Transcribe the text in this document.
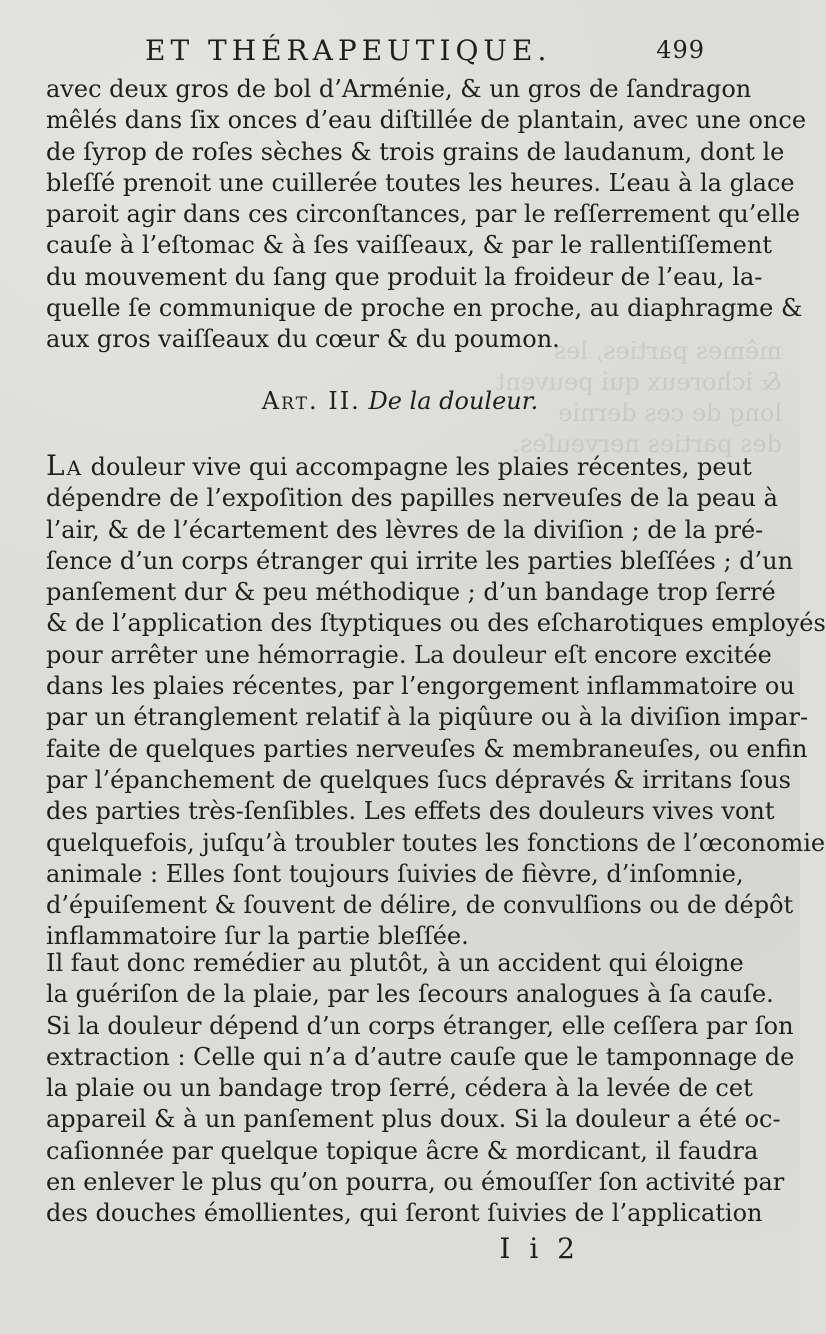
mêmes parties, les
& ichoreux qui peuvent
long de ces dernie
des parties nerveuſes.
ET THÉRAPEUTIQUE.	499
avec deux gros de bol d’Arménie, & un gros de ſandragon
mêlés dans ſix onces d’eau diſtillée de plantain, avec une once
de ſyrop de roſes sèches & trois grains de laudanum, dont le
bleſſé prenoit une cuillerée toutes les heures. L’eau à la glace
paroit agir dans ces circonſtances, par le reſſerrement qu’elle
cauſe à l’eſtomac & à ſes vaiſſeaux, & par le rallentiſſement
du mouvement du ſang que produit la froideur de l’eau, la-
quelle ſe communique de proche en proche, au diaphragme &
aux gros vaiſſeaux du cœur & du poumon.
Art. II. De la douleur.
La douleur vive qui accompagne les plaies récentes, peut
dépendre de l’expoſition des papilles nerveuſes de la peau à
l’air, & de l’écartement des lèvres de la diviſion ; de la pré-
ſence d’un corps étranger qui irrite les parties bleſſées ; d’un
panſement dur & peu méthodique ; d’un bandage trop ſerré
& de l’application des ſtyptiques ou des eſcharotiques employés
pour arrêter une hémorragie. La douleur eſt encore excitée
dans les plaies récentes, par l’engorgement inflammatoire ou
par un étranglement relatif à la piqûure ou à la diviſion impar-
faite de quelques parties nerveuſes & membraneuſes, ou enfin
par l’épanchement de quelques ſucs dépravés & irritans ſous
des parties très-ſenſibles. Les effets des douleurs vives vont
quelquefois, juſqu’à troubler toutes les fonctions de l’œconomie
animale : Elles ſont toujours ſuivies de fièvre, d’inſomnie,
d’épuiſement & ſouvent de délire, de convulſions ou de dépôt
inflammatoire ſur la partie bleſſée.
Il faut donc remédier au plutôt, à un accident qui éloigne
la guériſon de la plaie, par les ſecours analogues à ſa cauſe.
Si la douleur dépend d’un corps étranger, elle ceſſera par ſon
extraction : Celle qui n’a d’autre cauſe que le tamponnage de
la plaie ou un bandage trop ſerré, cédera à la levée de cet
appareil & à un panſement plus doux. Si la douleur a été oc-
caſionnée par quelque topique âcre & mordicant, il faudra
en enlever le plus qu’on pourra, ou émouſſer ſon activité par
des douches émollientes, qui ſeront ſuivies de l’application
I i 2
